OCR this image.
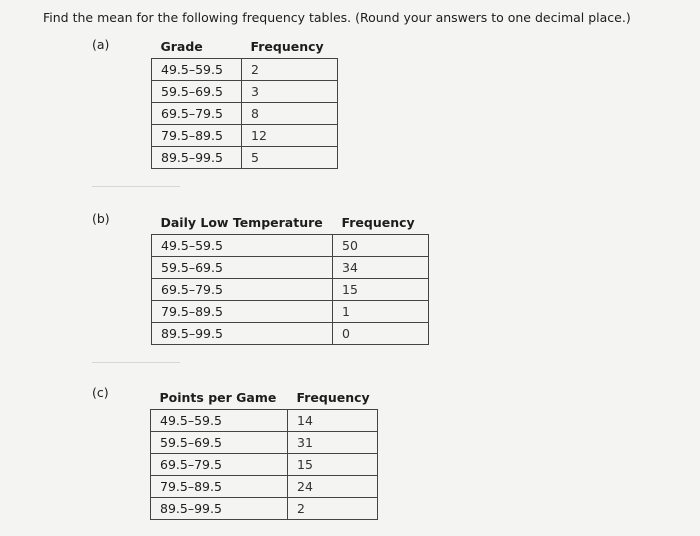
Find the mean for the following frequency tables. (Round your answers to one decimal place.)
(a)	Grade	Frequency
49.5–59.5	2
59.5–69.5	3
69.5–79.5	8
79.5–89.5	12
89.5–99.5	5
(b)	Daily Low Temperature	Frequency
49.5–59.5	50
59.5–69.5	34
69.5–79.5	15
79.5–89.5	1
89.5–99.5	0
(c)	Points per Game	Frequency
49.5–59.5	14
59.5–69.5	31
69.5–79.5	15
79.5–89.5	24
89.5–99.5	2
